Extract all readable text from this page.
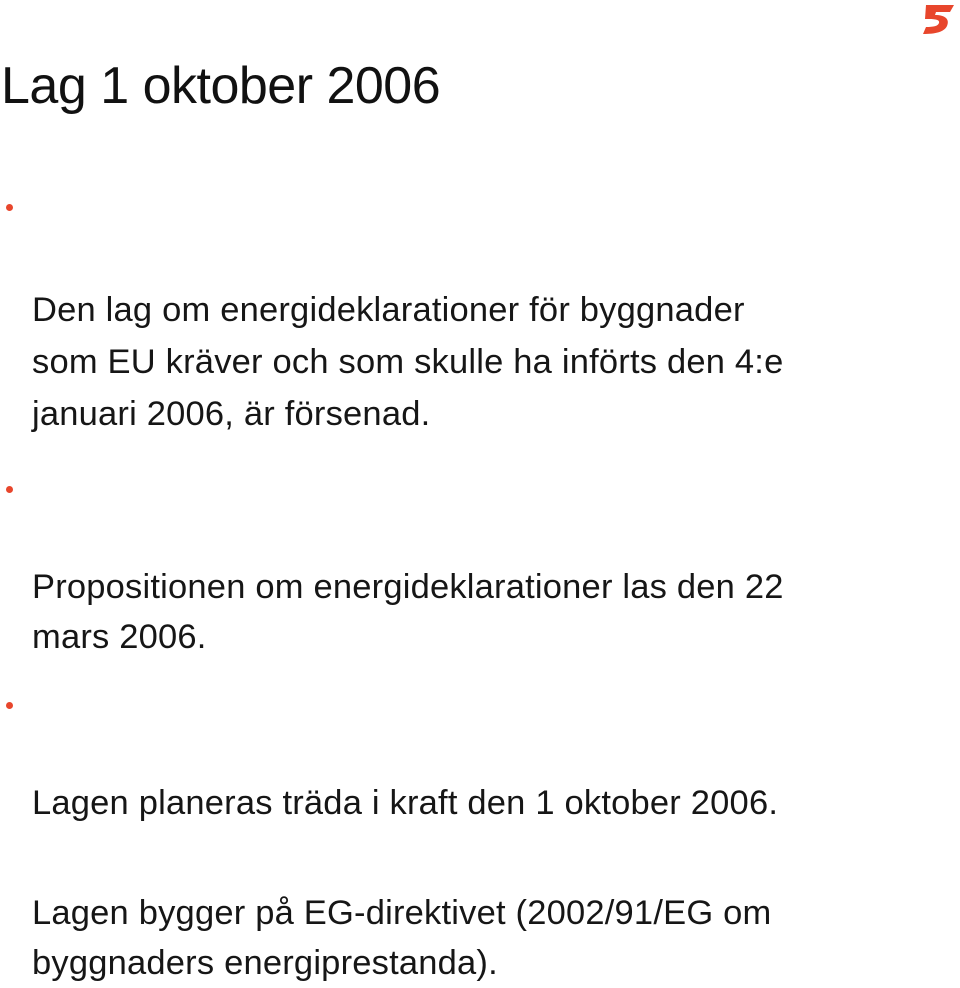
Lag 1 oktober 2006

Den lag om energideklarationer för byggnader
som EU kräver och som skulle ha införts den 4:e
januari 2006, är försenad.

Propositionen om energideklarationer las den 22
mars 2006.

Lagen planeras träda i kraft den 1 oktober 2006.

Lagen bygger på EG-direktivet (2002/91/EG om
byggnaders energiprestanda).
